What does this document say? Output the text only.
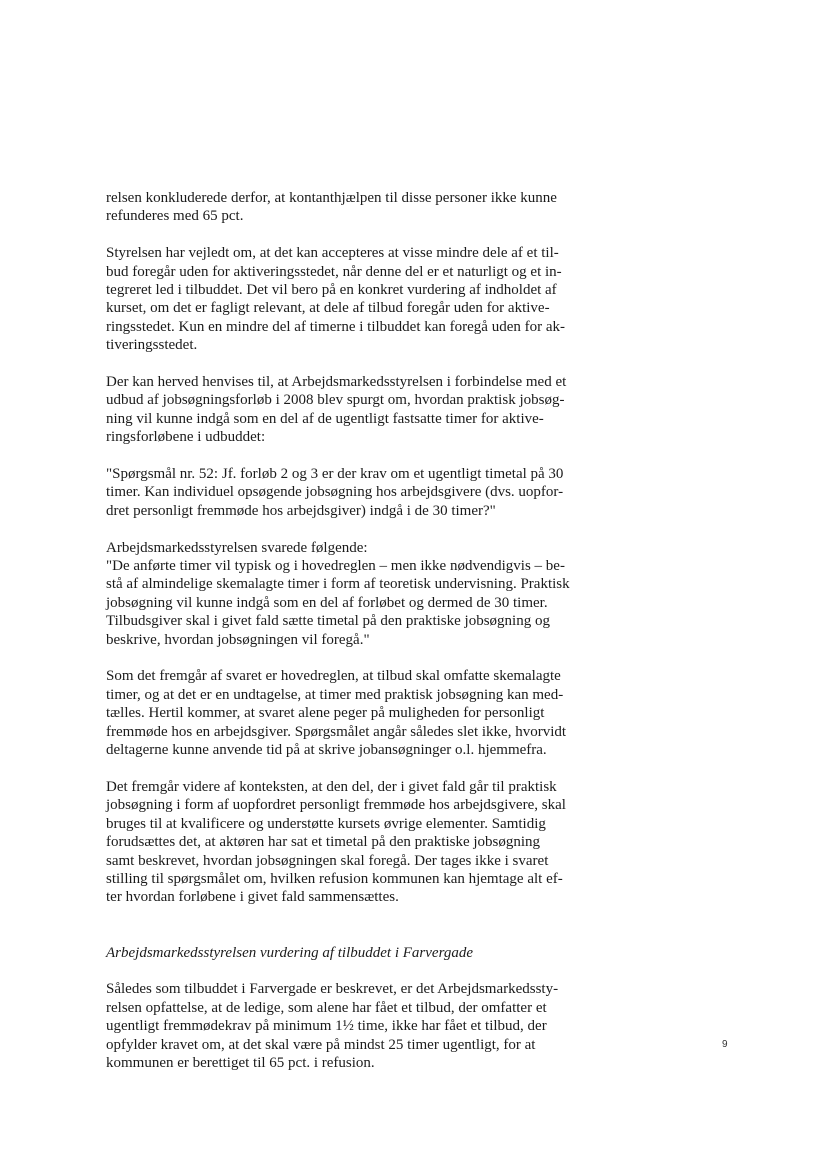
relsen konkluderede derfor, at kontanthjælpen til disse personer ikke kunne
refunderes med 65 pct.

Styrelsen har vejledt om, at det kan accepteres at visse mindre dele af et til-
bud foregår uden for aktiveringsstedet, når denne del er et naturligt og et in-
tegreret led i tilbuddet. Det vil bero på en konkret vurdering af indholdet af
kurset, om det er fagligt relevant, at dele af tilbud foregår uden for aktive-
ringsstedet. Kun en mindre del af timerne i tilbuddet kan foregå uden for ak-
tiveringsstedet.

Der kan herved henvises til, at Arbejdsmarkedsstyrelsen i forbindelse med et
udbud af jobsøgningsforløb i 2008 blev spurgt om, hvordan praktisk jobsøg-
ning vil kunne indgå som en del af de ugentligt fastsatte timer for aktive-
ringsforløbene i udbuddet:

"Spørgsmål nr. 52: Jf. forløb 2 og 3 er der krav om et ugentligt timetal på 30
timer. Kan individuel opsøgende jobsøgning hos arbejdsgivere (dvs. uopfor-
dret personligt fremmøde hos arbejdsgiver) indgå i de 30 timer?"

Arbejdsmarkedsstyrelsen svarede følgende:
"De anførte timer vil typisk og i hovedreglen – men ikke nødvendigvis – be-
stå af almindelige skemalagte timer i form af teoretisk undervisning. Praktisk
jobsøgning vil kunne indgå som en del af forløbet og dermed de 30 timer.
Tilbudsgiver skal i givet fald sætte timetal på den praktiske jobsøgning og
beskrive, hvordan jobsøgningen vil foregå."

Som det fremgår af svaret er hovedreglen, at tilbud skal omfatte skemalagte
timer, og at det er en undtagelse, at timer med praktisk jobsøgning kan med-
tælles. Hertil kommer, at svaret alene peger på muligheden for personligt
fremmøde hos en arbejdsgiver. Spørgsmålet angår således slet ikke, hvorvidt
deltagerne kunne anvende tid på at skrive jobansøgninger o.l. hjemmefra.

Det fremgår videre af konteksten, at den del, der i givet fald går til praktisk
jobsøgning i form af uopfordret personligt fremmøde hos arbejdsgivere, skal
bruges til at kvalificere og understøtte kursets øvrige elementer. Samtidig
forudsættes det, at aktøren har sat et timetal på den praktiske jobsøgning
samt beskrevet, hvordan jobsøgningen skal foregå. Der tages ikke i svaret
stilling til spørgsmålet om, hvilken refusion kommunen kan hjemtage alt ef-
ter hvordan forløbene i givet fald sammensættes.

Arbejdsmarkedsstyrelsen vurdering af tilbuddet i Farvergade

Således som tilbuddet i Farvergade er beskrevet, er det Arbejdsmarkedssty-
relsen opfattelse, at de ledige, som alene har fået et tilbud, der omfatter et
ugentligt fremmødekrav på minimum 1½ time, ikke har fået et tilbud, der
opfylder kravet om, at det skal være på mindst 25 timer ugentligt, for at
kommunen er berettiget til 65 pct. i refusion.

9
